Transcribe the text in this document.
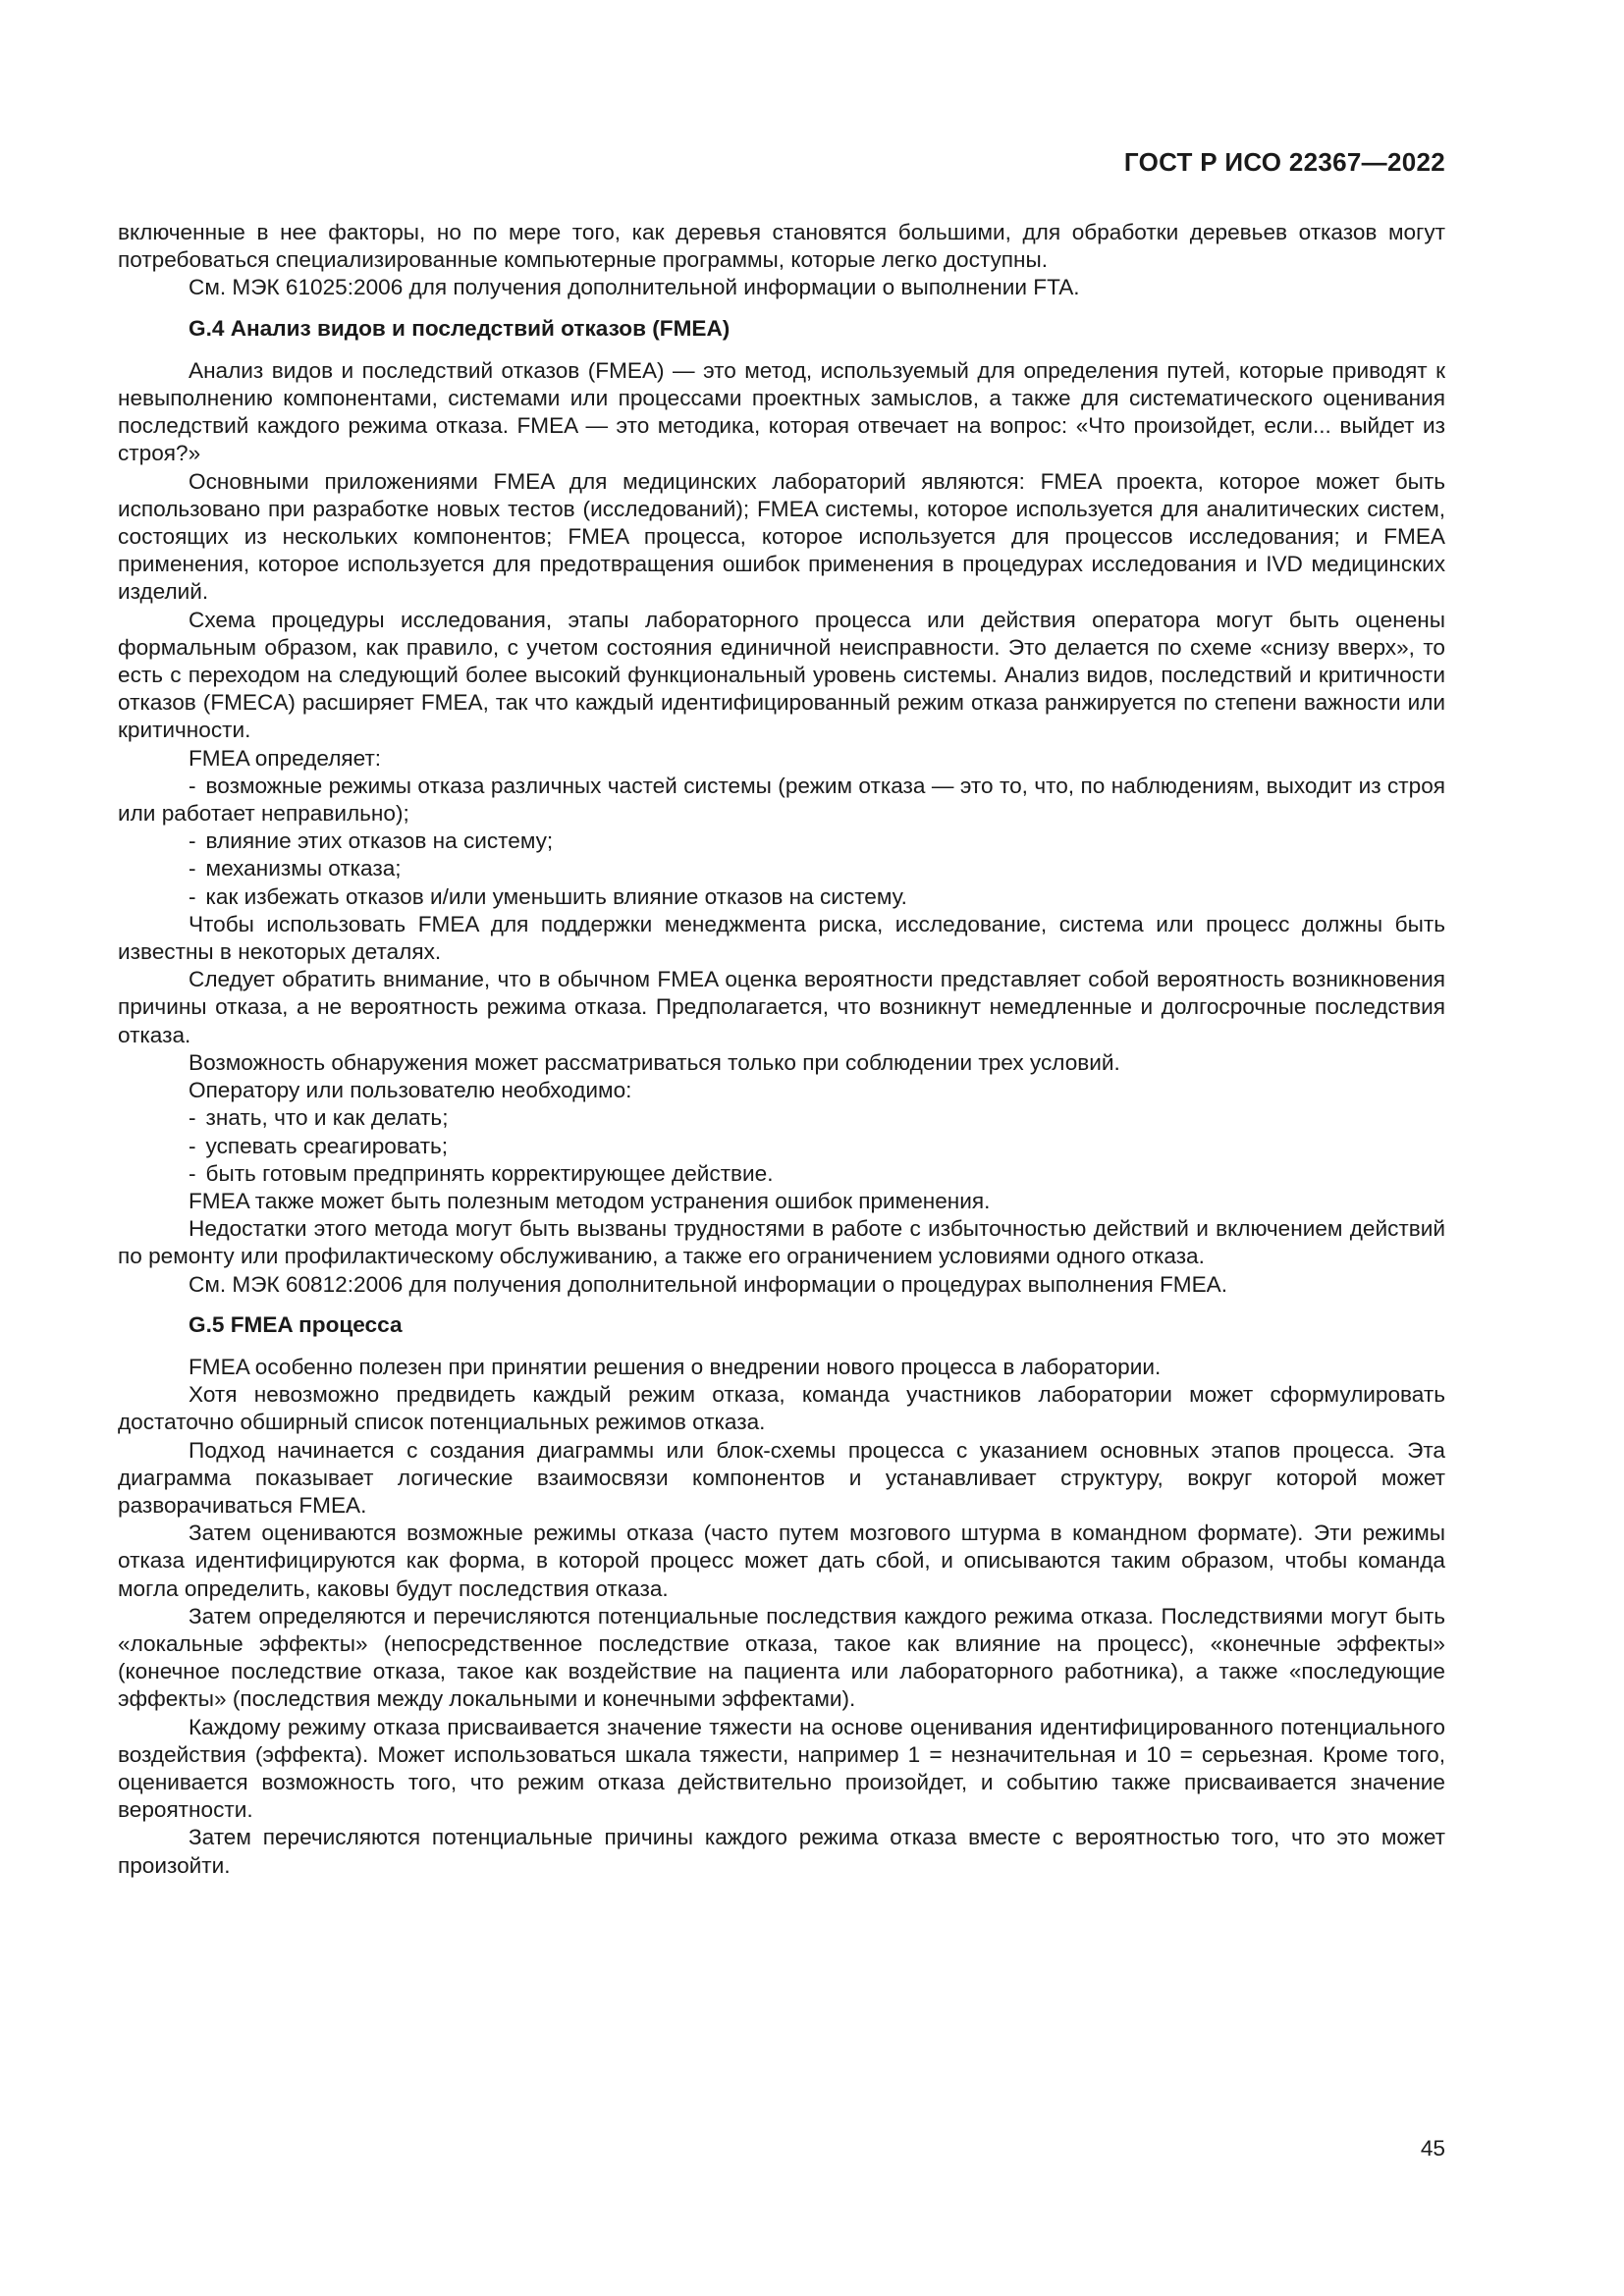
ГОСТ Р ИСО 22367—2022

включенные в нее факторы, но по мере того, как деревья становятся большими, для обработки деревьев отказов могут потребоваться специализированные компьютерные программы, которые легко доступны.

См. МЭК 61025:2006 для получения дополнительной информации о выполнении FTA.

G.4 Анализ видов и последствий отказов (FMEA)

Анализ видов и последствий отказов (FMEA) — это метод, используемый для определения путей, которые приводят к невыполнению компонентами, системами или процессами проектных замыслов, а также для систематического оценивания последствий каждого режима отказа. FMEA — это методика, которая отвечает на вопрос: «Что произойдет, если... выйдет из строя?»

Основными приложениями FMEA для медицинских лабораторий являются: FMEA проекта, которое может быть использовано при разработке новых тестов (исследований); FMEA системы, которое используется для аналитических систем, состоящих из нескольких компонентов; FMEA процесса, которое используется для процессов исследования; и FMEA применения, которое используется для предотвращения ошибок применения в процедурах исследования и IVD медицинских изделий.

Схема процедуры исследования, этапы лабораторного процесса или действия оператора могут быть оценены формальным образом, как правило, с учетом состояния единичной неисправности. Это делается по схеме «снизу вверх», то есть с переходом на следующий более высокий функциональный уровень системы. Анализ видов, последствий и критичности отказов (FMECA) расширяет FMEA, так что каждый идентифицированный режим отказа ранжируется по степени важности или критичности.

FMEA определяет:

- возможные режимы отказа различных частей системы (режим отказа — это то, что, по наблюдениям, выходит из строя или работает неправильно);

- влияние этих отказов на систему;

- механизмы отказа;

- как избежать отказов и/или уменьшить влияние отказов на систему.

Чтобы использовать FMEA для поддержки менеджмента риска, исследование, система или процесс должны быть известны в некоторых деталях.

Следует обратить внимание, что в обычном FMEA оценка вероятности представляет собой вероятность возникновения причины отказа, а не вероятность режима отказа. Предполагается, что возникнут немедленные и долгосрочные последствия отказа.

Возможность обнаружения может рассматриваться только при соблюдении трех условий.

Оператору или пользователю необходимо:

- знать, что и как делать;

- успевать среагировать;

- быть готовым предпринять корректирующее действие.

FMEA также может быть полезным методом устранения ошибок применения.

Недостатки этого метода могут быть вызваны трудностями в работе с избыточностью действий и включением действий по ремонту или профилактическому обслуживанию, а также его ограничением условиями одного отказа.

См. МЭК 60812:2006 для получения дополнительной информации о процедурах выполнения FMEA.

G.5 FMEA процесса

FMEA особенно полезен при принятии решения о внедрении нового процесса в лаборатории.

Хотя невозможно предвидеть каждый режим отказа, команда участников лаборатории может сформулировать достаточно обширный список потенциальных режимов отказа.

Подход начинается с создания диаграммы или блок-схемы процесса с указанием основных этапов процесса. Эта диаграмма показывает логические взаимосвязи компонентов и устанавливает структуру, вокруг которой может разворачиваться FMEA.

Затем оцениваются возможные режимы отказа (часто путем мозгового штурма в командном формате). Эти режимы отказа идентифицируются как форма, в которой процесс может дать сбой, и описываются таким образом, чтобы команда могла определить, каковы будут последствия отказа.

Затем определяются и перечисляются потенциальные последствия каждого режима отказа. Последствиями могут быть «локальные эффекты» (непосредственное последствие отказа, такое как влияние на процесс), «конечные эффекты» (конечное последствие отказа, такое как воздействие на пациента или лабораторного работника), а также «последующие эффекты» (последствия между локальными и конечными эффектами).

Каждому режиму отказа присваивается значение тяжести на основе оценивания идентифицированного потенциального воздействия (эффекта). Может использоваться шкала тяжести, например 1 = незначительная и 10 = серьезная. Кроме того, оценивается возможность того, что режим отказа действительно произойдет, и событию также присваивается значение вероятности.

Затем перечисляются потенциальные причины каждого режима отказа вместе с вероятностью того, что это может произойти.

45
